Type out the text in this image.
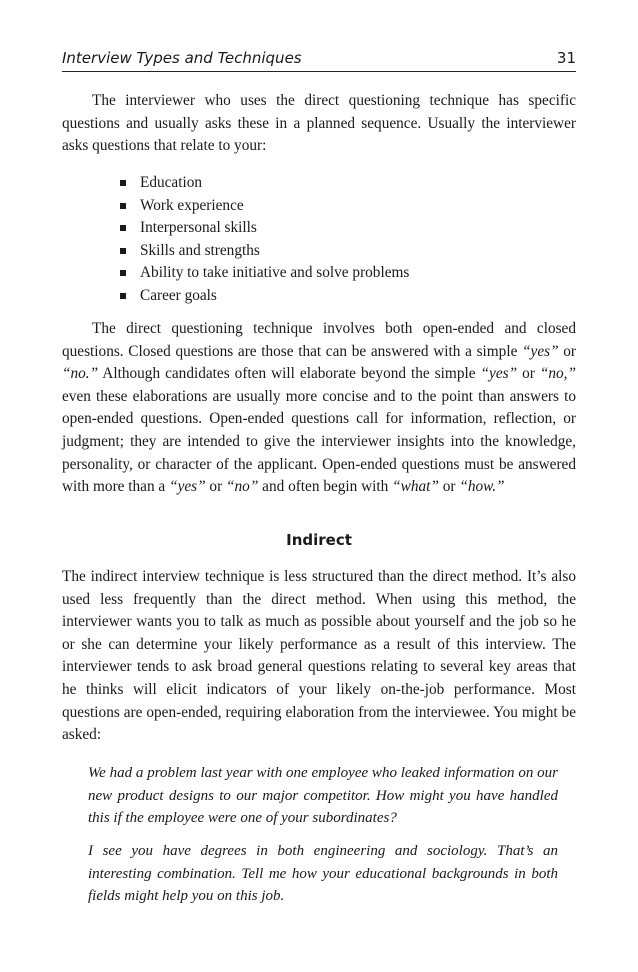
Interview Types and Techniques	31

The interviewer who uses the direct questioning technique has specific questions and usually asks these in a planned sequence. Usually the interviewer asks questions that relate to your:

Education
Work experience
Interpersonal skills
Skills and strengths
Ability to take initiative and solve problems
Career goals

The direct questioning technique involves both open-ended and closed questions. Closed questions are those that can be answered with a simple “yes” or “no.” Although candidates often will elaborate beyond the simple “yes” or “no,” even these elaborations are usually more concise and to the point than answers to open-ended questions. Open-ended questions call for information, reflection, or judgment; they are intended to give the interviewer insights into the knowledge, personality, or character of the applicant. Open-ended questions must be answered with more than a “yes” or “no” and often begin with “what” or “how.”

Indirect

The indirect interview technique is less structured than the direct method. It’s also used less frequently than the direct method. When using this method, the interviewer wants you to talk as much as possible about yourself and the job so he or she can determine your likely performance as a result of this interview. The interviewer tends to ask broad general questions relating to several key areas that he thinks will elicit indicators of your likely on-the-job performance. Most questions are open-ended, requiring elaboration from the interviewee. You might be asked:

We had a problem last year with one employee who leaked information on our new product designs to our major competitor. How might you have handled this if the employee were one of your subordinates?

I see you have degrees in both engineering and sociology. That’s an interesting combination. Tell me how your educational backgrounds in both fields might help you on this job.
